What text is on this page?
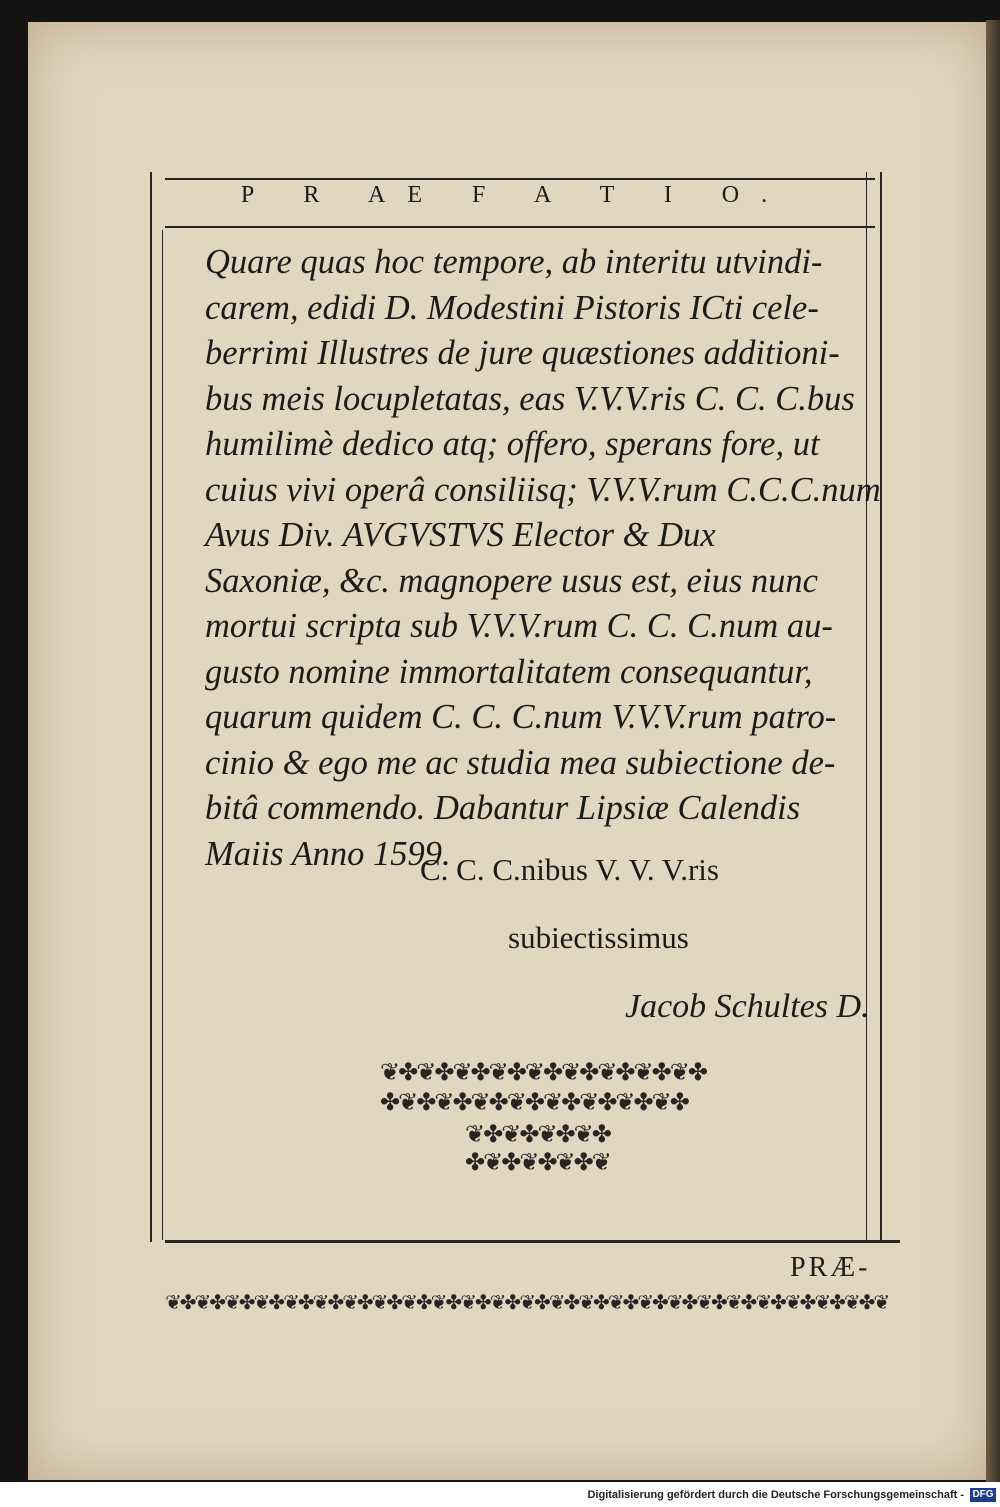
P R AE F A T I O.

Quare quas hoc tempore, ab interitu utvindi-
carem, edidi D. Modestini Pistoris ICti cele-
berrimi Illustres de jure quæstiones additioni-
bus meis locupletatas, eas V.V.V.ris C. C. C.bus
humilimè dedico atq; offero, sperans fore, ut
cuius vivi operâ consiliisq; V.V.V.rum C.C.C.num
Avus Div. AVGVSTVS Elector & Dux
Saxoniæ, &c. magnopere usus est, eius nunc
mortui scripta sub V.V.V.rum C. C. C.num au-
gusto nomine immortalitatem consequantur,
quarum quidem C. C. C.num V.V.V.rum patro-
cinio & ego me ac studia mea subiectione de-
bitâ commendo. Dabantur Lipsiæ Calendis
Maiis Anno 1599.

C. C. C.nibus V. V. V.ris
subiectissimus
Jacob Schultes D.
❦✤❦✤❦✤❦✤❦✤❦✤❦✤❦✤❦✤
✤❦✤❦✤❦✤❦✤❦✤❦✤❦✤❦✤
❦✤❦✤❦✤❦✤
✤❦✤❦✤❦✤❦
PRÆ-
❦✤❦✤❦✤❦✤❦✤❦✤❦✤❦✤❦✤❦✤❦✤❦✤❦✤❦✤❦✤❦✤❦✤❦✤❦✤❦✤❦✤❦✤❦✤❦✤❦
Digitalisierung gefördert durch die Deutsche Forschungsgemeinschaft - DFG
